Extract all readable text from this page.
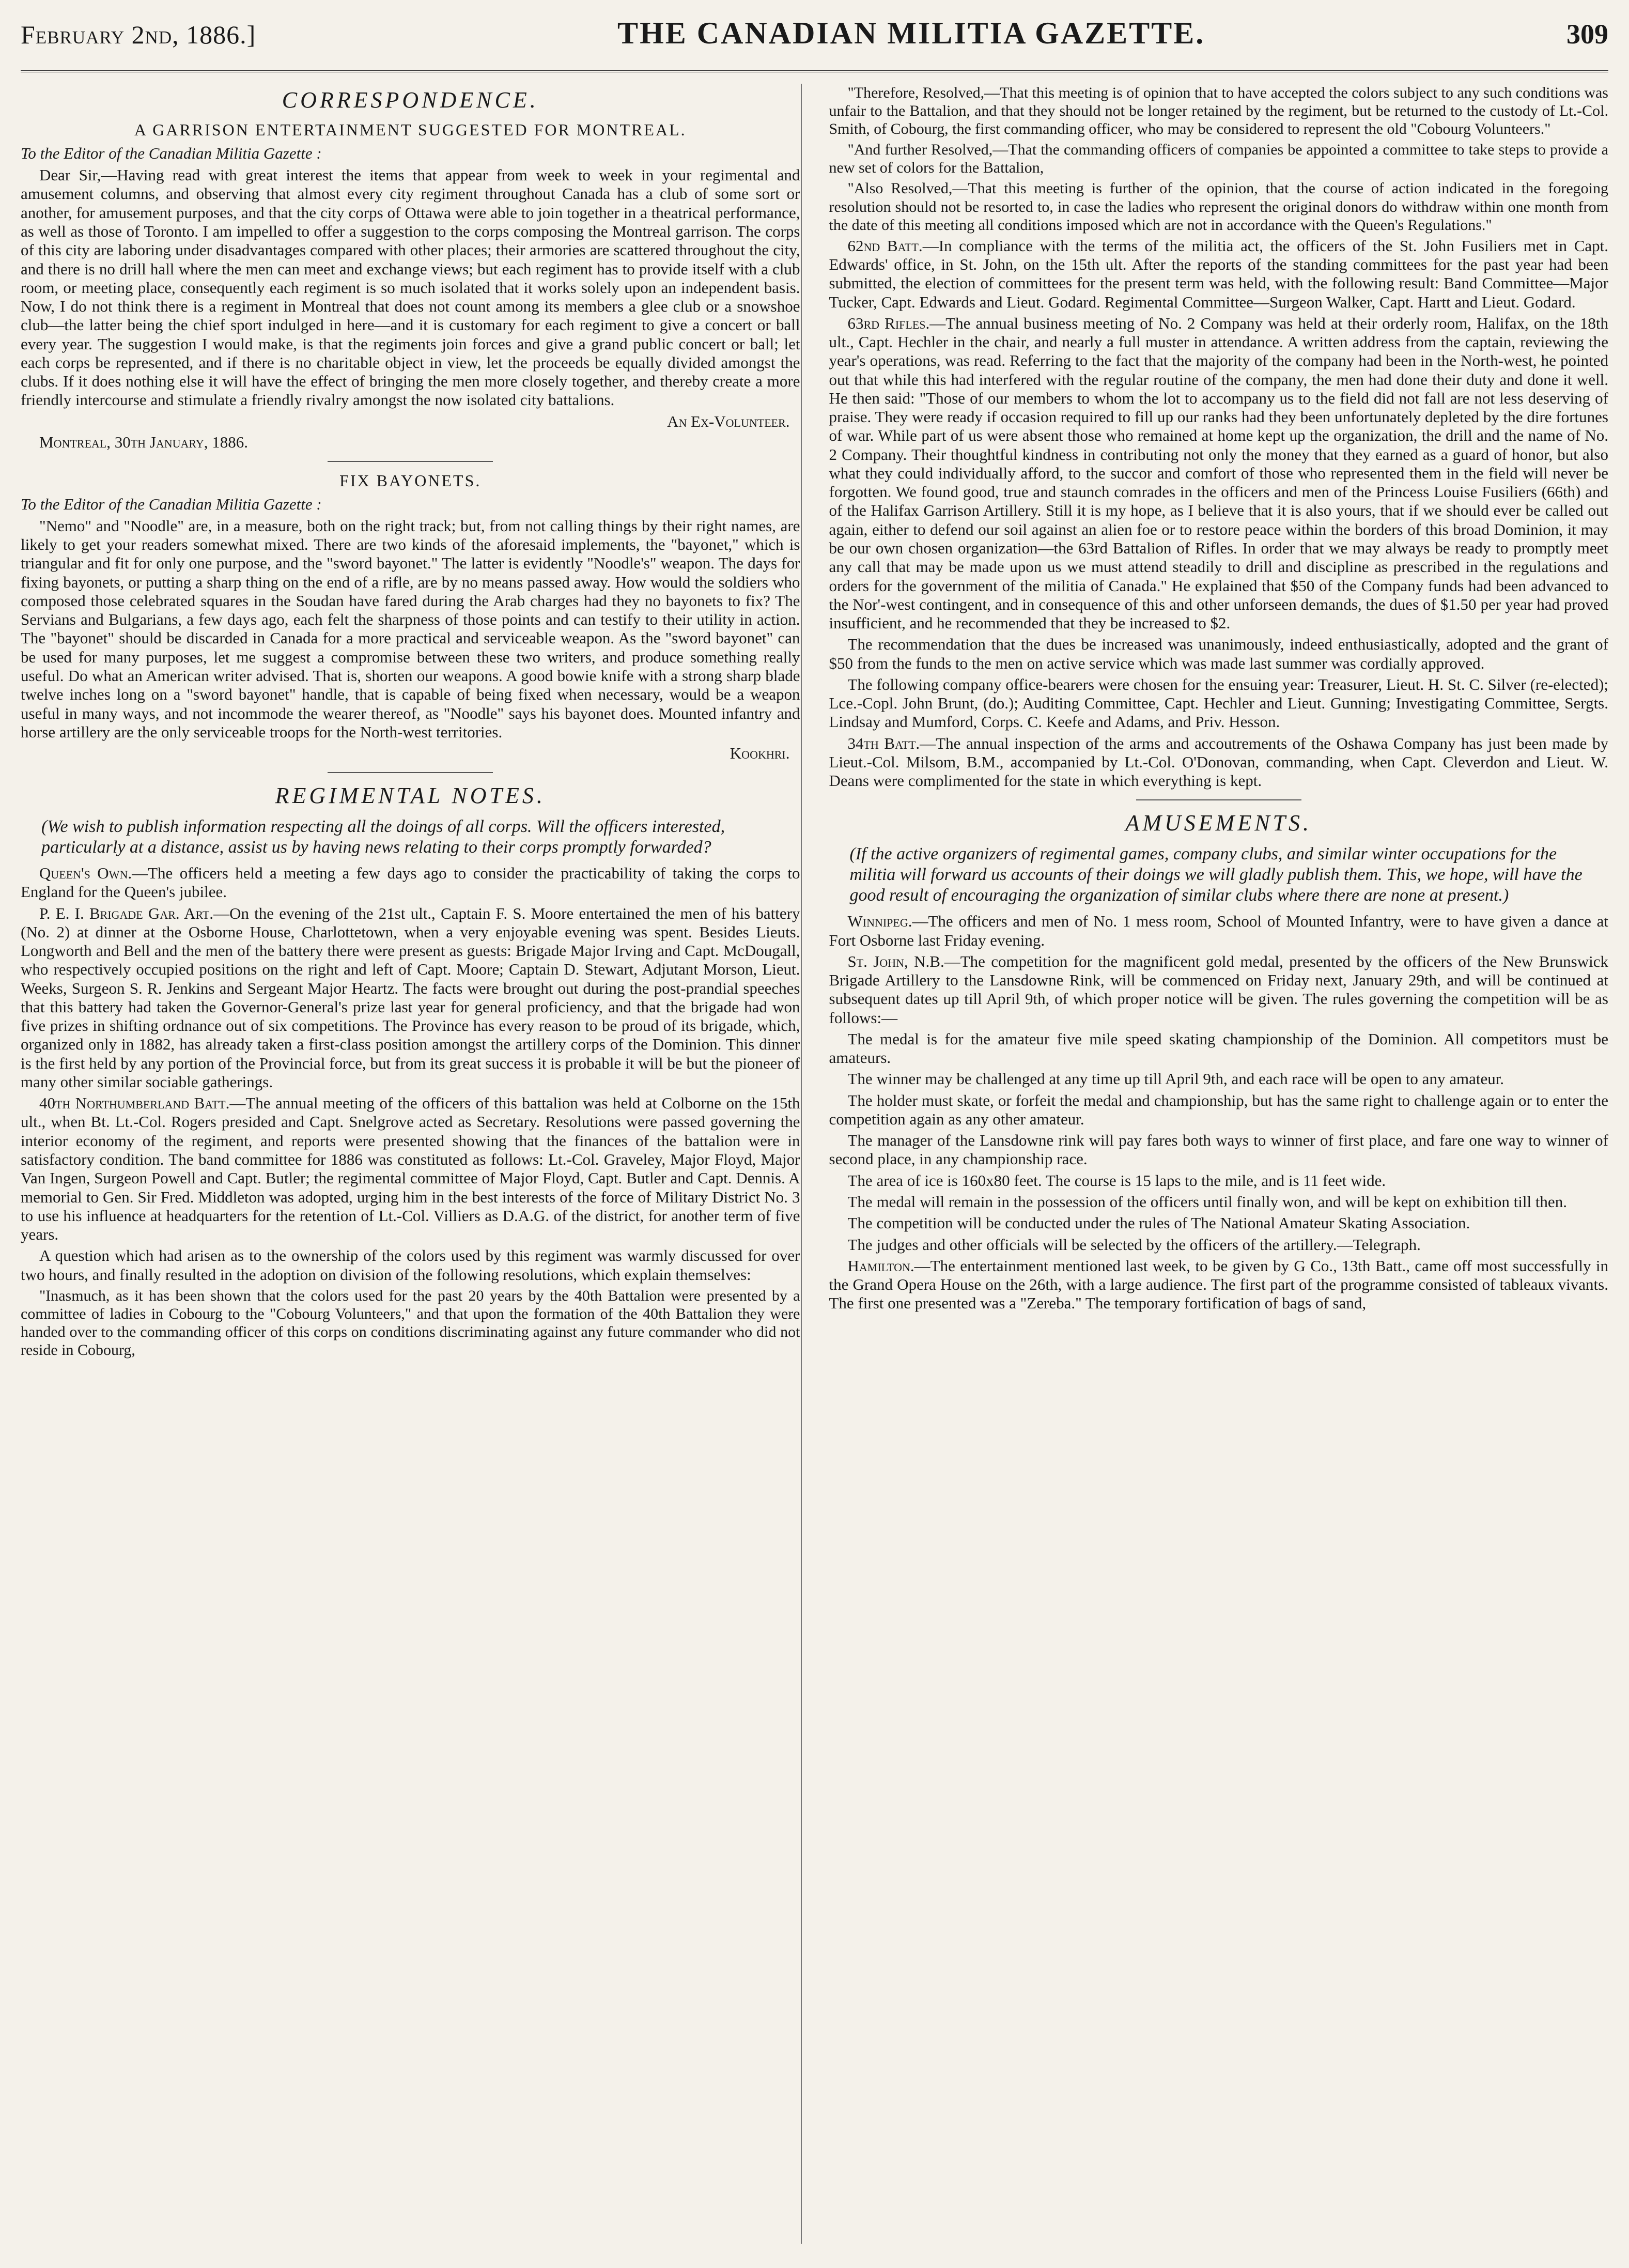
February 2nd, 1886.]	THE CANADIAN MILITIA GAZETTE.	309
CORRESPONDENCE.
A GARRISON ENTERTAINMENT SUGGESTED FOR MONTREAL.
To the Editor of the Canadian Militia Gazette :

Dear Sir,—Having read with great interest the items that appear from week to week in your regimental and amusement columns, and observing that almost every city regiment throughout Canada has a club of some sort or another, for amusement purposes, and that the city corps of Ottawa were able to join together in a theatrical performance, as well as those of Toronto. I am impelled to offer a suggestion to the corps composing the Montreal garrison. The corps of this city are laboring under disadvantages compared with other places; their armories are scattered throughout the city, and there is no drill hall where the men can meet and exchange views; but each regiment has to provide itself with a club room, or meeting place, consequently each regiment is so much isolated that it works solely upon an independent basis. Now, I do not think there is a regiment in Montreal that does not count among its members a glee club or a snowshoe club—the latter being the chief sport indulged in here—and it is customary for each regiment to give a concert or ball every year. The suggestion I would make, is that the regiments join forces and give a grand public concert or ball; let each corps be represented, and if there is no charitable object in view, let the proceeds be equally divided amongst the clubs. If it does nothing else it will have the effect of bringing the men more closely together, and thereby create a more friendly intercourse and stimulate a friendly rivalry amongst the now isolated city battalions.

An Ex-Volunteer.
Montreal, 30th January, 1886.
FIX BAYONETS.
To the Editor of the Canadian Militia Gazette :

"Nemo" and "Noodle" are, in a measure, both on the right track; but, from not calling things by their right names, are likely to get your readers somewhat mixed. There are two kinds of the aforesaid implements, the "bayonet," which is triangular and fit for only one purpose, and the "sword bayonet." The latter is evidently "Noodle's" weapon. The days for fixing bayonets, or putting a sharp thing on the end of a rifle, are by no means passed away. How would the soldiers who composed those celebrated squares in the Soudan have fared during the Arab charges had they no bayonets to fix? The Servians and Bulgarians, a few days ago, each felt the sharpness of those points and can testify to their utility in action. The "bayonet" should be discarded in Canada for a more practical and serviceable weapon. As the "sword bayonet" can be used for many purposes, let me suggest a compromise between these two writers, and produce something really useful. Do what an American writer advised. That is, shorten our weapons. A good bowie knife with a strong sharp blade twelve inches long on a "sword bayonet" handle, that is capable of being fixed when necessary, would be a weapon useful in many ways, and not incommode the wearer thereof, as "Noodle" says his bayonet does. Mounted infantry and horse artillery are the only serviceable troops for the North-west territories.

Kookhri.
REGIMENTAL NOTES.
(We wish to publish information respecting all the doings of all corps. Will the officers interested, particularly at a distance, assist us by having news relating to their corps promptly forwarded?

Queen's Own.—The officers held a meeting a few days ago to consider the practicability of taking the corps to England for the Queen's jubilee.

P. E. I. Brigade Gar. Art.—On the evening of the 21st ult., Captain F. S. Moore entertained the men of his battery (No. 2) at dinner at the Osborne House, Charlottetown, when a very enjoyable evening was spent. Besides Lieuts. Longworth and Bell and the men of the battery there were present as guests: Brigade Major Irving and Capt. McDougall, who respectively occupied positions on the right and left of Capt. Moore; Captain D. Stewart, Adjutant Morson, Lieut. Weeks, Surgeon S. R. Jenkins and Sergeant Major Heartz. The facts were brought out during the post-prandial speeches that this battery had taken the Governor-General's prize last year for general proficiency, and that the brigade had won five prizes in shifting ordnance out of six competitions. The Province has every reason to be proud of its brigade, which, organized only in 1882, has already taken a first-class position amongst the artillery corps of the Dominion. This dinner is the first held by any portion of the Provincial force, but from its great success it is probable it will be but the pioneer of many other similar sociable gatherings.

40th Northumberland Batt.—The annual meeting of the officers of this battalion was held at Colborne on the 15th ult., when Bt. Lt.-Col. Rogers presided and Capt. Snelgrove acted as Secretary. Resolutions were passed governing the interior economy of the regiment, and reports were presented showing that the finances of the battalion were in satisfactory condition. The band committee for 1886 was constituted as follows: Lt.-Col. Graveley, Major Floyd, Major Van Ingen, Surgeon Powell and Capt. Butler; the regimental committee of Major Floyd, Capt. Butler and Capt. Dennis. A memorial to Gen. Sir Fred. Middleton was adopted, urging him in the best interests of the force of Military District No. 3 to use his influence at headquarters for the retention of Lt.-Col. Villiers as D.A.G. of the district, for another term of five years.

A question which had arisen as to the ownership of the colors used by this regiment was warmly discussed for over two hours, and finally resulted in the adoption on division of the following resolutions, which explain themselves:

"Inasmuch, as it has been shown that the colors used for the past 20 years by the 40th Battalion were presented by a committee of ladies in Cobourg to the "Cobourg Volunteers," and that upon the formation of the 40th Battalion they were handed over to the commanding officer of this corps on conditions discriminating against any future commander who did not reside in Cobourg,

"Therefore, Resolved,—That this meeting is of opinion that to have accepted the colors subject to any such conditions was unfair to the Battalion, and that they should not be longer retained by the regiment, but be returned to the custody of Lt.-Col. Smith, of Cobourg, the first commanding officer, who may be considered to represent the old "Cobourg Volunteers."

"And further Resolved,—That the commanding officers of companies be appointed a committee to take steps to provide a new set of colors for the Battalion,

"Also Resolved,—That this meeting is further of the opinion, that the course of action indicated in the foregoing resolution should not be resorted to, in case the ladies who represent the original donors do withdraw within one month from the date of this meeting all conditions imposed which are not in accordance with the Queen's Regulations."

62nd Batt.—In compliance with the terms of the militia act, the officers of the St. John Fusiliers met in Capt. Edwards' office, in St. John, on the 15th ult. After the reports of the standing committees for the past year had been submitted, the election of committees for the present term was held, with the following result: Band Committee—Major Tucker, Capt. Edwards and Lieut. Godard. Regimental Committee—Surgeon Walker, Capt. Hartt and Lieut. Godard.

63rd Rifles.—The annual business meeting of No. 2 Company was held at their orderly room, Halifax, on the 18th ult., Capt. Hechler in the chair, and nearly a full muster in attendance. A written address from the captain, reviewing the year's operations, was read. Referring to the fact that the majority of the company had been in the North-west, he pointed out that while this had interfered with the regular routine of the company, the men had done their duty and done it well. He then said: "Those of our members to whom the lot to accompany us to the field did not fall are not less deserving of praise. They were ready if occasion required to fill up our ranks had they been unfortunately depleted by the dire fortunes of war. While part of us were absent those who remained at home kept up the organization, the drill and the name of No. 2 Company. Their thoughtful kindness in contributing not only the money that they earned as a guard of honor, but also what they could individually afford, to the succor and comfort of those who represented them in the field will never be forgotten. We found good, true and staunch comrades in the officers and men of the Princess Louise Fusiliers (66th) and of the Halifax Garrison Artillery. Still it is my hope, as I believe that it is also yours, that if we should ever be called out again, either to defend our soil against an alien foe or to restore peace within the borders of this broad Dominion, it may be our own chosen organization—the 63rd Battalion of Rifles. In order that we may always be ready to promptly meet any call that may be made upon us we must attend steadily to drill and discipline as prescribed in the regulations and orders for the government of the militia of Canada." He explained that $50 of the Company funds had been advanced to the Nor'-west contingent, and in consequence of this and other unforseen demands, the dues of $1.50 per year had proved insufficient, and he recommended that they be increased to $2.

The recommendation that the dues be increased was unanimously, indeed enthusiastically, adopted and the grant of $50 from the funds to the men on active service which was made last summer was cordially approved.

The following company office-bearers were chosen for the ensuing year: Treasurer, Lieut. H. St. C. Silver (re-elected); Lce.-Copl. John Brunt, (do.); Auditing Committee, Capt. Hechler and Lieut. Gunning; Investigating Committee, Sergts. Lindsay and Mumford, Corps. C. Keefe and Adams, and Priv. Hesson.

34th Batt.—The annual inspection of the arms and accoutrements of the Oshawa Company has just been made by Lieut.-Col. Milsom, B.M., accompanied by Lt.-Col. O'Donovan, commanding, when Capt. Cleverdon and Lieut. W. Deans were complimented for the state in which everything is kept.

AMUSEMENTS.
(If the active organizers of regimental games, company clubs, and similar winter occupations for the militia will forward us accounts of their doings we will gladly publish them. This, we hope, will have the good result of encouraging the organization of similar clubs where there are none at present.)

Winnipeg.—The officers and men of No. 1 mess room, School of Mounted Infantry, were to have given a dance at Fort Osborne last Friday evening.

St. John, N.B.—The competition for the magnificent gold medal, presented by the officers of the New Brunswick Brigade Artillery to the Lansdowne Rink, will be commenced on Friday next, January 29th, and will be continued at subsequent dates up till April 9th, of which proper notice will be given. The rules governing the competition will be as follows:—

The medal is for the amateur five mile speed skating championship of the Dominion. All competitors must be amateurs.

The winner may be challenged at any time up till April 9th, and each race will be open to any amateur.

The holder must skate, or forfeit the medal and championship, but has the same right to challenge again or to enter the competition again as any other amateur.

The manager of the Lansdowne rink will pay fares both ways to winner of first place, and fare one way to winner of second place, in any championship race.

The area of ice is 160x80 feet. The course is 15 laps to the mile, and is 11 feet wide.

The medal will remain in the possession of the officers until finally won, and will be kept on exhibition till then.

The competition will be conducted under the rules of The National Amateur Skating Association.

The judges and other officials will be selected by the officers of the artillery.—Telegraph.

Hamilton.—The entertainment mentioned last week, to be given by G Co., 13th Batt., came off most successfully in the Grand Opera House on the 26th, with a large audience. The first part of the programme consisted of tableaux vivants. The first one presented was a "Zereba." The temporary fortification of bags of sand,
